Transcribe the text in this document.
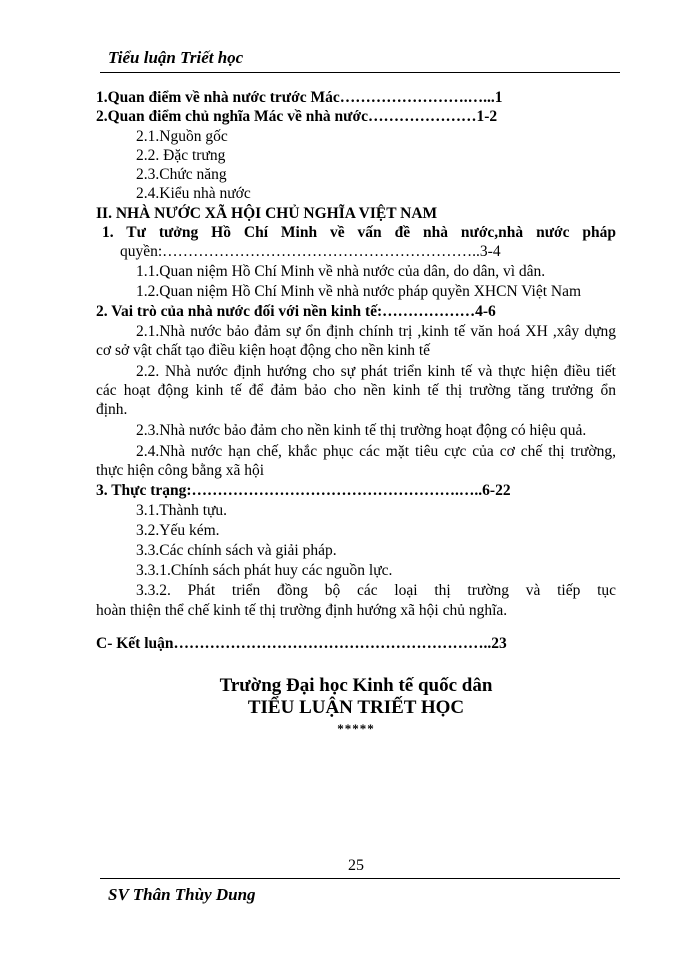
Tiểu luận Triết học
1.Quan điểm về nhà nước trước Mác…………………….…...1
2.Quan điểm chủ nghĩa Mác về nhà nước…………………1-2
2.1.Nguồn gốc
2.2. Đặc trưng
2.3.Chức năng
2.4.Kiểu nhà nước
II. NHÀ NƯỚC XÃ HỘI CHỦ NGHĨA VIỆT NAM
1. Tư tưởng Hồ Chí Minh về vấn đề nhà nước,nhà nước pháp
quyền:……………………………………………………..3-4
1.1.Quan niệm Hồ Chí Minh về nhà nước của dân, do dân, vì dân.
1.2.Quan niệm Hồ Chí Minh về nhà nước pháp quyền XHCN Việt Nam
2. Vai trò của nhà nước đối với nền kinh tế:………………4-6
2.1.Nhà nước bảo đảm sự ổn định chính trị ,kinh tế văn hoá XH ,xây dựng
cơ sở vật chất tạo điều kiện hoạt động cho nền kinh tế
2.2. Nhà nước định hướng cho sự phát triển kinh tế và thực hiện điều tiết
các hoạt động kinh tế để đảm bảo cho nền kinh tế thị trường tăng trưởng ổn
định.
2.3.Nhà nước bảo đảm cho nền kinh tế thị trường hoạt động có hiệu quả.
2.4.Nhà nước hạn chế, khắc phục các mặt tiêu cực của cơ chế thị trường,
thực hiện công bằng xã hội
3. Thực trạng:…………………………………………….…..6-22
3.1.Thành tựu.
3.2.Yếu kém.
3.3.Các chính sách và giải pháp.
3.3.1.Chính sách phát huy các nguồn lực.
3.3.2. Phát triển đồng bộ các loại thị trường và tiếp tục
hoàn thiện thể chế kinh tế thị trường định hướng xã hội chủ nghĩa.
C- Kết luận……………………………………………………..23
Trường Đại học Kinh tế quốc dân
TIỂU LUẬN TRIẾT HỌC
*****
25
SV Thân Thùy Dung
